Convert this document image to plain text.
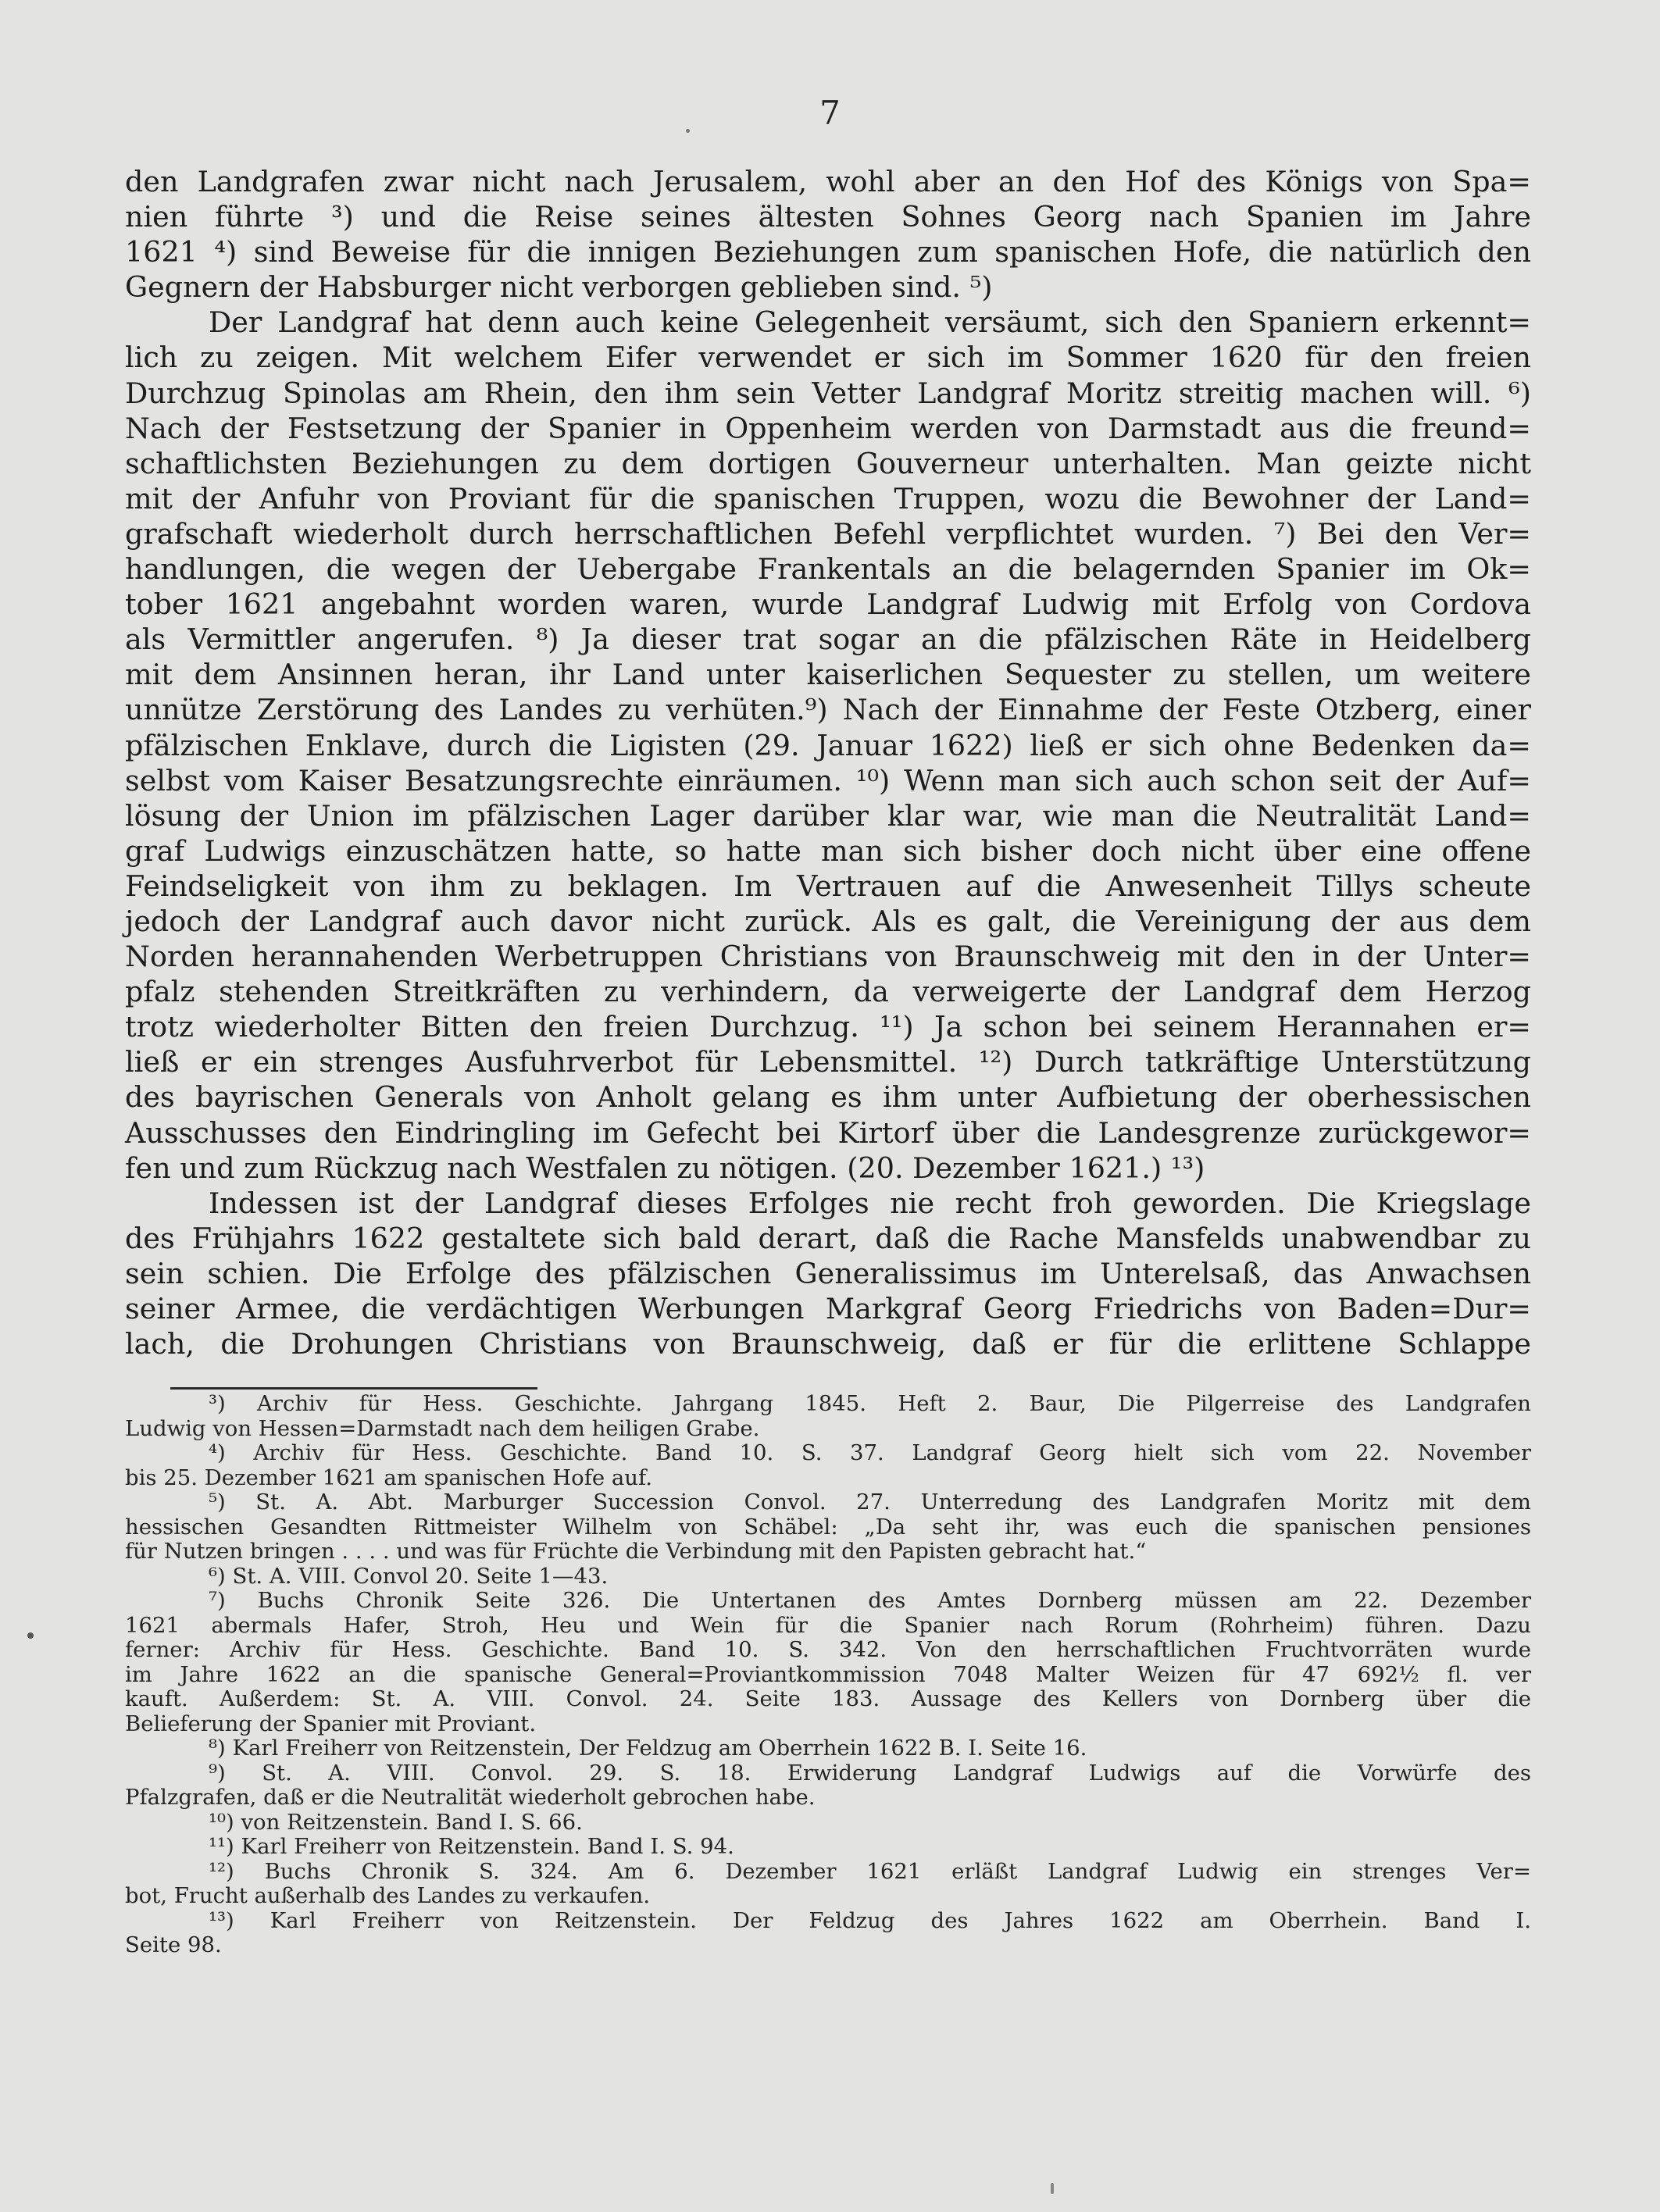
7

den Landgrafen zwar nicht nach Jerusalem, wohl aber an den Hof des Königs von Spa=
nien führte ³) und die Reise seines ältesten Sohnes Georg nach Spanien im Jahre
1621 ⁴) sind Beweise für die innigen Beziehungen zum spanischen Hofe, die natürlich den
Gegnern der Habsburger nicht verborgen geblieben sind. ⁵)

Der Landgraf hat denn auch keine Gelegenheit versäumt, sich den Spaniern erkennt=
lich zu zeigen. Mit welchem Eifer verwendet er sich im Sommer 1620 für den freien
Durchzug Spinolas am Rhein, den ihm sein Vetter Landgraf Moritz streitig machen will. ⁶)
Nach der Festsetzung der Spanier in Oppenheim werden von Darmstadt aus die freund=
schaftlichsten Beziehungen zu dem dortigen Gouverneur unterhalten. Man geizte nicht
mit der Anfuhr von Proviant für die spanischen Truppen, wozu die Bewohner der Land=
grafschaft wiederholt durch herrschaftlichen Befehl verpflichtet wurden. ⁷) Bei den Ver=
handlungen, die wegen der Uebergabe Frankentals an die belagernden Spanier im Ok=
tober 1621 angebahnt worden waren, wurde Landgraf Ludwig mit Erfolg von Cordova
als Vermittler angerufen. ⁸) Ja dieser trat sogar an die pfälzischen Räte in Heidelberg
mit dem Ansinnen heran, ihr Land unter kaiserlichen Sequester zu stellen, um weitere
unnütze Zerstörung des Landes zu verhüten.⁹) Nach der Einnahme der Feste Otzberg, einer
pfälzischen Enklave, durch die Ligisten (29. Januar 1622) ließ er sich ohne Bedenken da=
selbst vom Kaiser Besatzungsrechte einräumen. ¹⁰) Wenn man sich auch schon seit der Auf=
lösung der Union im pfälzischen Lager darüber klar war, wie man die Neutralität Land=
graf Ludwigs einzuschätzen hatte, so hatte man sich bisher doch nicht über eine offene
Feindseligkeit von ihm zu beklagen. Im Vertrauen auf die Anwesenheit Tillys scheute
jedoch der Landgraf auch davor nicht zurück. Als es galt, die Vereinigung der aus dem
Norden herannahenden Werbetruppen Christians von Braunschweig mit den in der Unter=
pfalz stehenden Streitkräften zu verhindern, da verweigerte der Landgraf dem Herzog
trotz wiederholter Bitten den freien Durchzug. ¹¹) Ja schon bei seinem Herannahen er=
ließ er ein strenges Ausfuhrverbot für Lebensmittel. ¹²) Durch tatkräftige Unterstützung
des bayrischen Generals von Anholt gelang es ihm unter Aufbietung der oberhessischen
Ausschusses den Eindringling im Gefecht bei Kirtorf über die Landesgrenze zurückgewor=
fen und zum Rückzug nach Westfalen zu nötigen. (20. Dezember 1621.) ¹³)

Indessen ist der Landgraf dieses Erfolges nie recht froh geworden. Die Kriegslage
des Frühjahrs 1622 gestaltete sich bald derart, daß die Rache Mansfelds unabwendbar zu
sein schien. Die Erfolge des pfälzischen Generalissimus im Unterelsaß, das Anwachsen
seiner Armee, die verdächtigen Werbungen Markgraf Georg Friedrichs von Baden=Dur=
lach, die Drohungen Christians von Braunschweig, daß er für die erlittene Schlappe

³) Archiv für Hess. Geschichte. Jahrgang 1845. Heft 2. Baur, Die Pilgerreise des Landgrafen
Ludwig von Hessen=Darmstadt nach dem heiligen Grabe.
⁴) Archiv für Hess. Geschichte. Band 10. S. 37. Landgraf Georg hielt sich vom 22. November
bis 25. Dezember 1621 am spanischen Hofe auf.
⁵) St. A. Abt. Marburger Succession Convol. 27. Unterredung des Landgrafen Moritz mit dem
hessischen Gesandten Rittmeister Wilhelm von Schäbel: „Da seht ihr, was euch die spanischen pensiones
für Nutzen bringen . . . . und was für Früchte die Verbindung mit den Papisten gebracht hat.“
⁶) St. A. VIII. Convol 20. Seite 1—43.
⁷) Buchs Chronik Seite 326. Die Untertanen des Amtes Dornberg müssen am 22. Dezember
1621 abermals Hafer, Stroh, Heu und Wein für die Spanier nach Rorum (Rohrheim) führen. Dazu
ferner: Archiv für Hess. Geschichte. Band 10. S. 342. Von den herrschaftlichen Fruchtvorräten wurde
im Jahre 1622 an die spanische General=Proviantkommission 7048 Malter Weizen für 47 692½ fl. ver
kauft. Außerdem: St. A. VIII. Convol. 24. Seite 183. Aussage des Kellers von Dornberg über die
Belieferung der Spanier mit Proviant.
⁸) Karl Freiherr von Reitzenstein, Der Feldzug am Oberrhein 1622 B. I. Seite 16.
⁹) St. A. VIII. Convol. 29. S. 18. Erwiderung Landgraf Ludwigs auf die Vorwürfe des
Pfalzgrafen, daß er die Neutralität wiederholt gebrochen habe.
¹⁰) von Reitzenstein. Band I. S. 66.
¹¹) Karl Freiherr von Reitzenstein. Band I. S. 94.
¹²) Buchs Chronik S. 324. Am 6. Dezember 1621 erläßt Landgraf Ludwig ein strenges Ver=
bot, Frucht außerhalb des Landes zu verkaufen.
¹³) Karl Freiherr von Reitzenstein. Der Feldzug des Jahres 1622 am Oberrhein. Band I.
Seite 98.
